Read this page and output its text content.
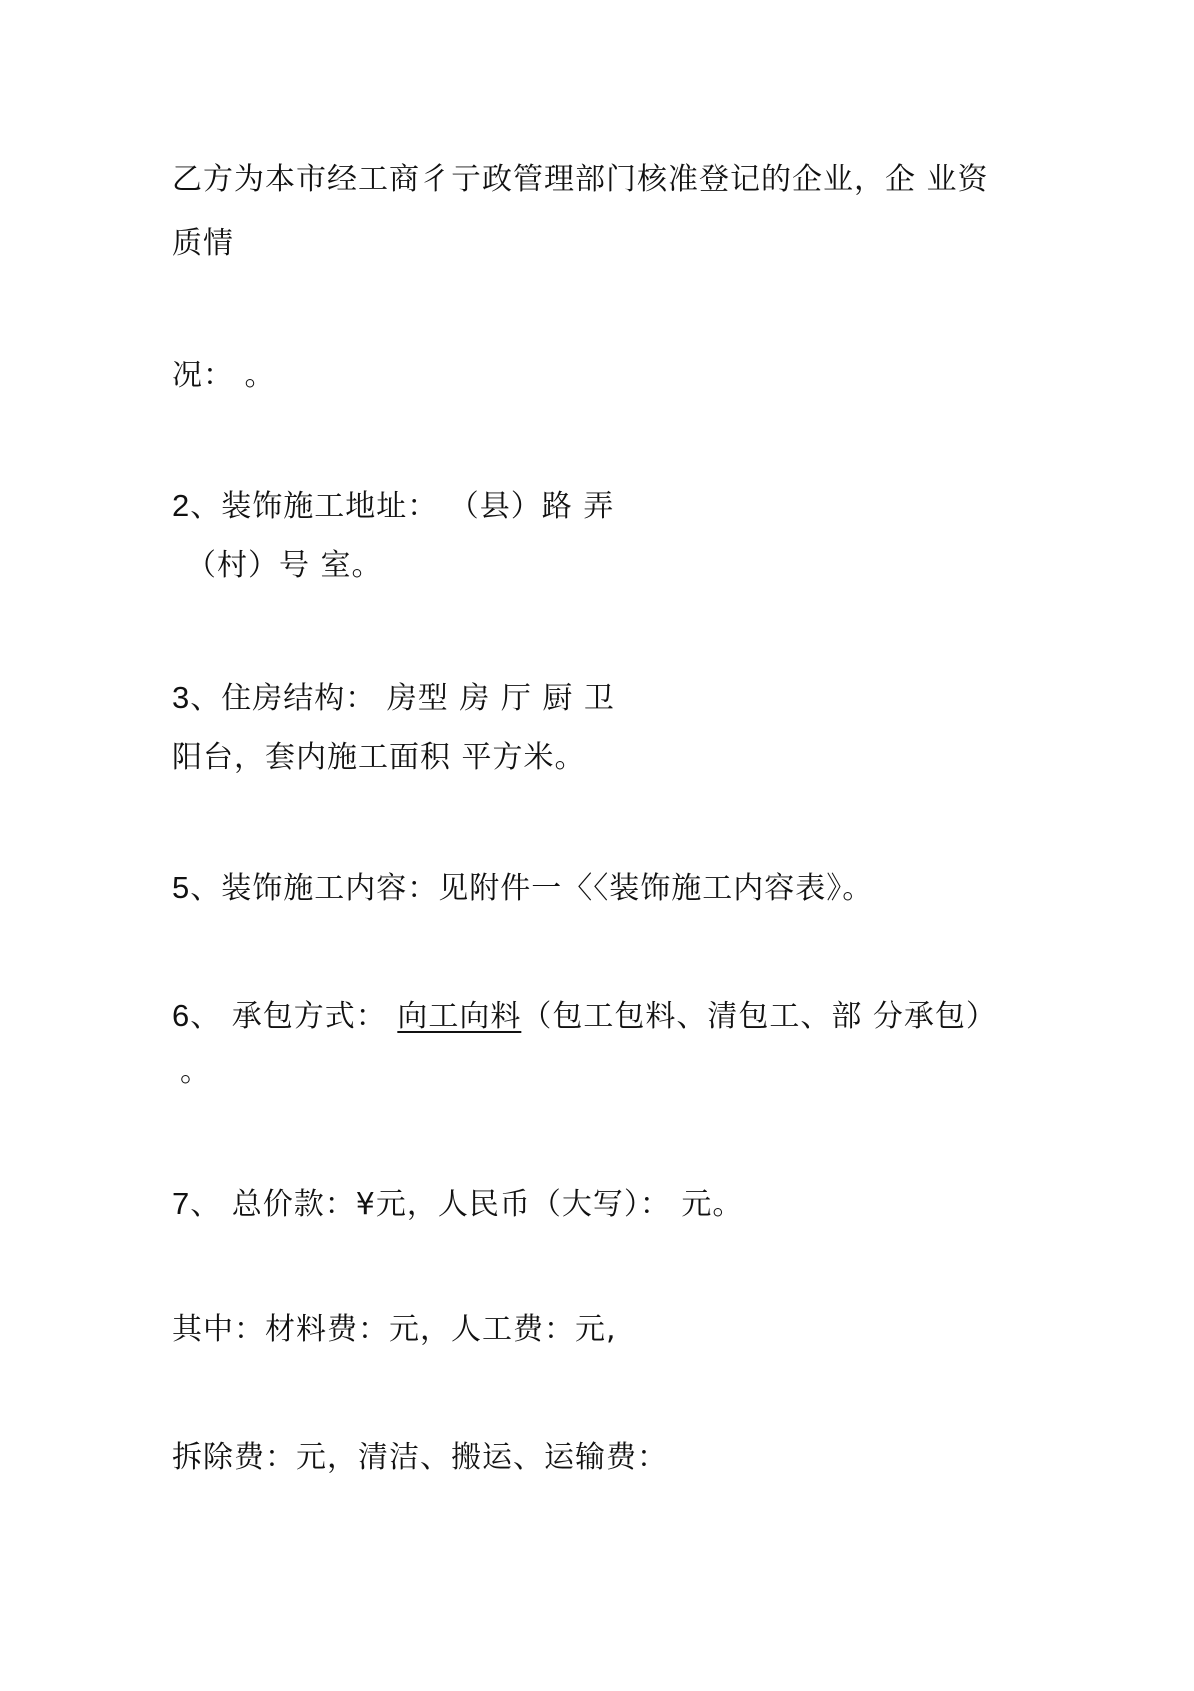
乙方为本市经工商彳亍政管理部门核准登记的企业，企 业资
质情
况： 。
2、装饰施工地址： （县）路 弄
（村）号 室。
3、住房结构： 房型 房 厅 厨 卫
阳台，套内施工面积 平方米。
5、装饰施工内容：见附件一〈〈装饰施工内容表》。
6、 承包方式： 向工向料（包工包料、清包工、部 分承包）
。
7、 总价款：¥元，人民币（大写）： 元。
其中：材料费：元，人工费：元,
拆除费：元，清洁、搬运、运输费：
